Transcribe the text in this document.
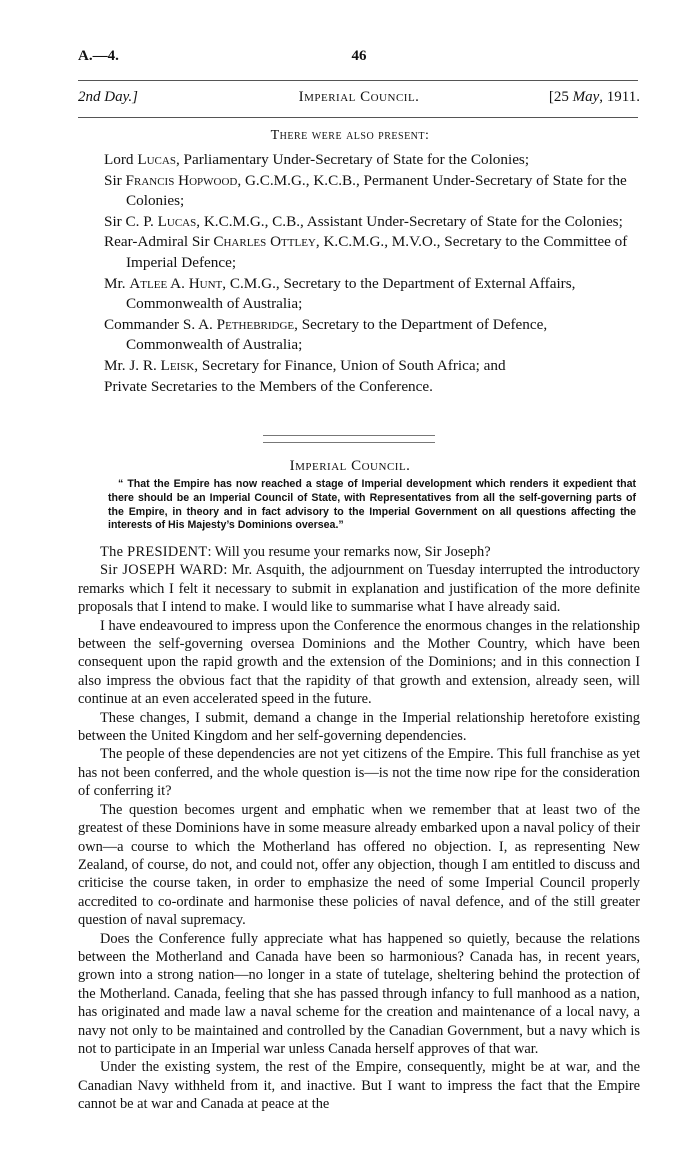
A.—4.	46
2nd Day.]	Imperial Council.	[25 May, 1911.
There were also present:
Lord Lucas, Parliamentary Under-Secretary of State for the Colonies;
Sir Francis Hopwood, G.C.M.G., K.C.B., Permanent Under-Secretary of State for the Colonies;
Sir C. P. Lucas, K.C.M.G., C.B., Assistant Under-Secretary of State for the Colonies;
Rear-Admiral Sir Charles Ottley, K.C.M.G., M.V.O., Secretary to the Committee of Imperial Defence;
Mr. Atlee A. Hunt, C.M.G., Secretary to the Department of External Affairs, Commonwealth of Australia;
Commander S. A. Pethebridge, Secretary to the Department of Defence, Commonwealth of Australia;
Mr. J. R. Leisk, Secretary for Finance, Union of South Africa; and
Private Secretaries to the Members of the Conference.
Imperial Council.
“ That the Empire has now reached a stage of Imperial development which renders it expedient that there should be an Imperial Council of State, with Representatives from all the self-governing parts of the Empire, in theory and in fact advisory to the Imperial Government on all questions affecting the interests of His Majesty’s Dominions oversea.”

The PRESIDENT: Will you resume your remarks now, Sir Joseph?

Sir JOSEPH WARD: Mr. Asquith, the adjournment on Tuesday interrupted the introductory remarks which I felt it necessary to submit in explanation and justification of the more definite proposals that I intend to make. I would like to summarise what I have already said.

I have endeavoured to impress upon the Conference the enormous changes in the relationship between the self-governing oversea Dominions and the Mother Country, which have been consequent upon the rapid growth and the extension of the Dominions; and in this connection I also impress the obvious fact that the rapidity of that growth and extension, already seen, will continue at an even accelerated speed in the future.

These changes, I submit, demand a change in the Imperial relationship heretofore existing between the United Kingdom and her self-governing dependencies.

The people of these dependencies are not yet citizens of the Empire. This full franchise as yet has not been conferred, and the whole question is—is not the time now ripe for the consideration of conferring it?

The question becomes urgent and emphatic when we remember that at least two of the greatest of these Dominions have in some measure already embarked upon a naval policy of their own—a course to which the Motherland has offered no objection. I, as representing New Zealand, of course, do not, and could not, offer any objection, though I am entitled to discuss and criticise the course taken, in order to emphasize the need of some Imperial Council properly accredited to co-ordinate and harmonise these policies of naval defence, and of the still greater question of naval supremacy.

Does the Conference fully appreciate what has happened so quietly, because the relations between the Motherland and Canada have been so harmonious? Canada has, in recent years, grown into a strong nation—no longer in a state of tutelage, sheltering behind the protection of the Motherland. Canada, feeling that she has passed through infancy to full manhood as a nation, has originated and made law a naval scheme for the creation and maintenance of a local navy, a navy not only to be maintained and controlled by the Canadian Government, but a navy which is not to participate in an Imperial war unless Canada herself approves of that war.

Under the existing system, the rest of the Empire, consequently, might be at war, and the Canadian Navy withheld from it, and inactive. But I want to impress the fact that the Empire cannot be at war and Canada at peace at the
